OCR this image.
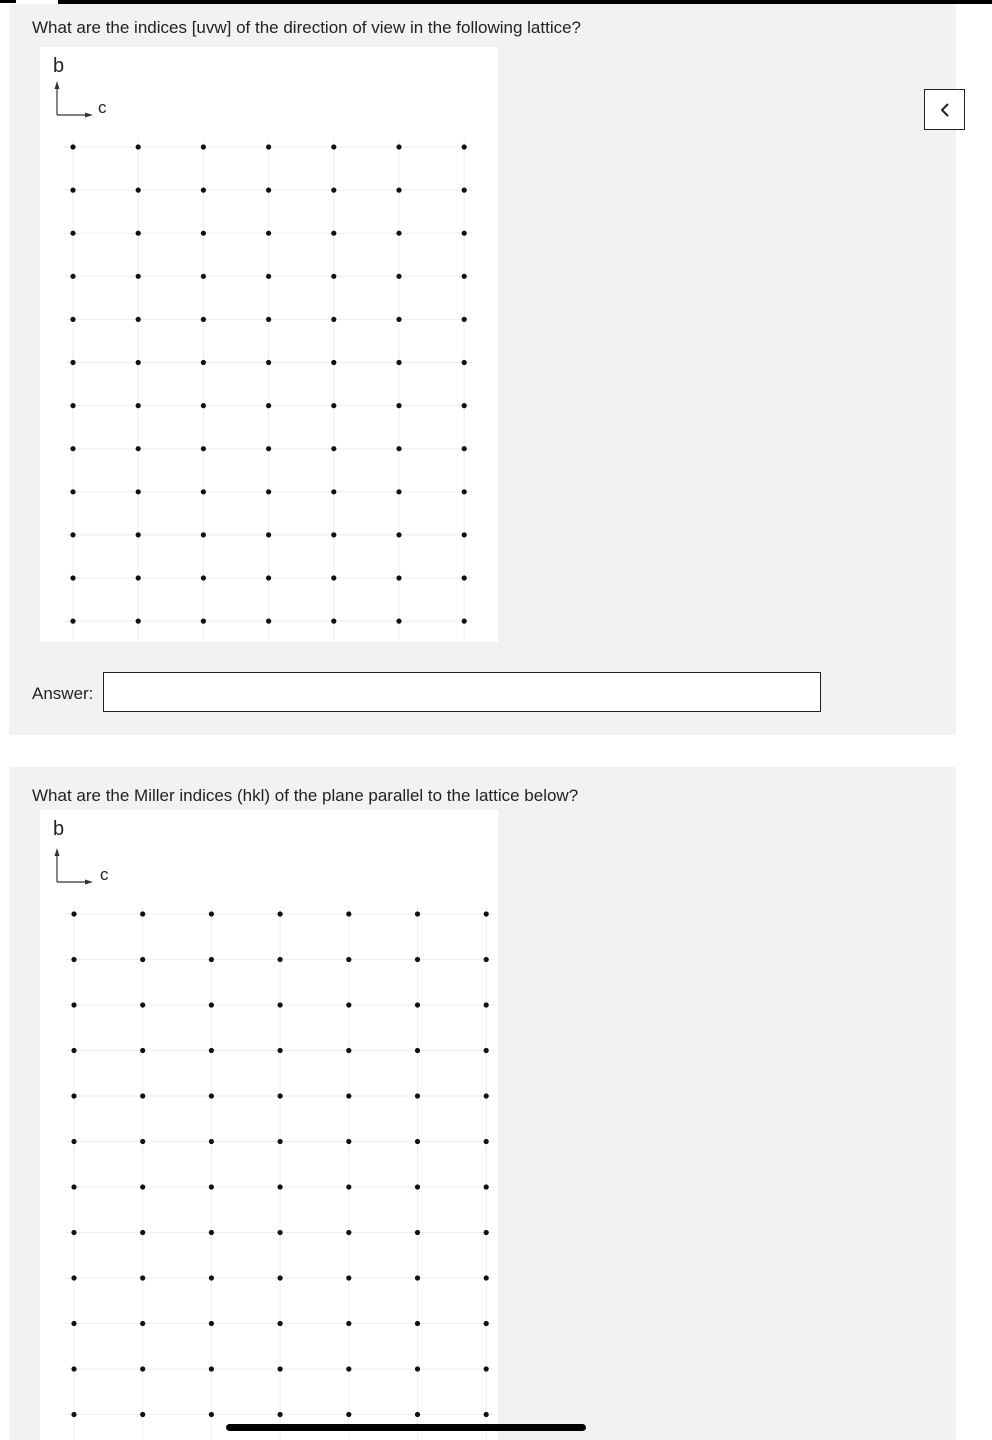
What are the indices [uvw] of the direction of view in the following lattice?
b
c
Answer:
What are the Miller indices (hkl) of the plane parallel to the lattice below?
b
c
